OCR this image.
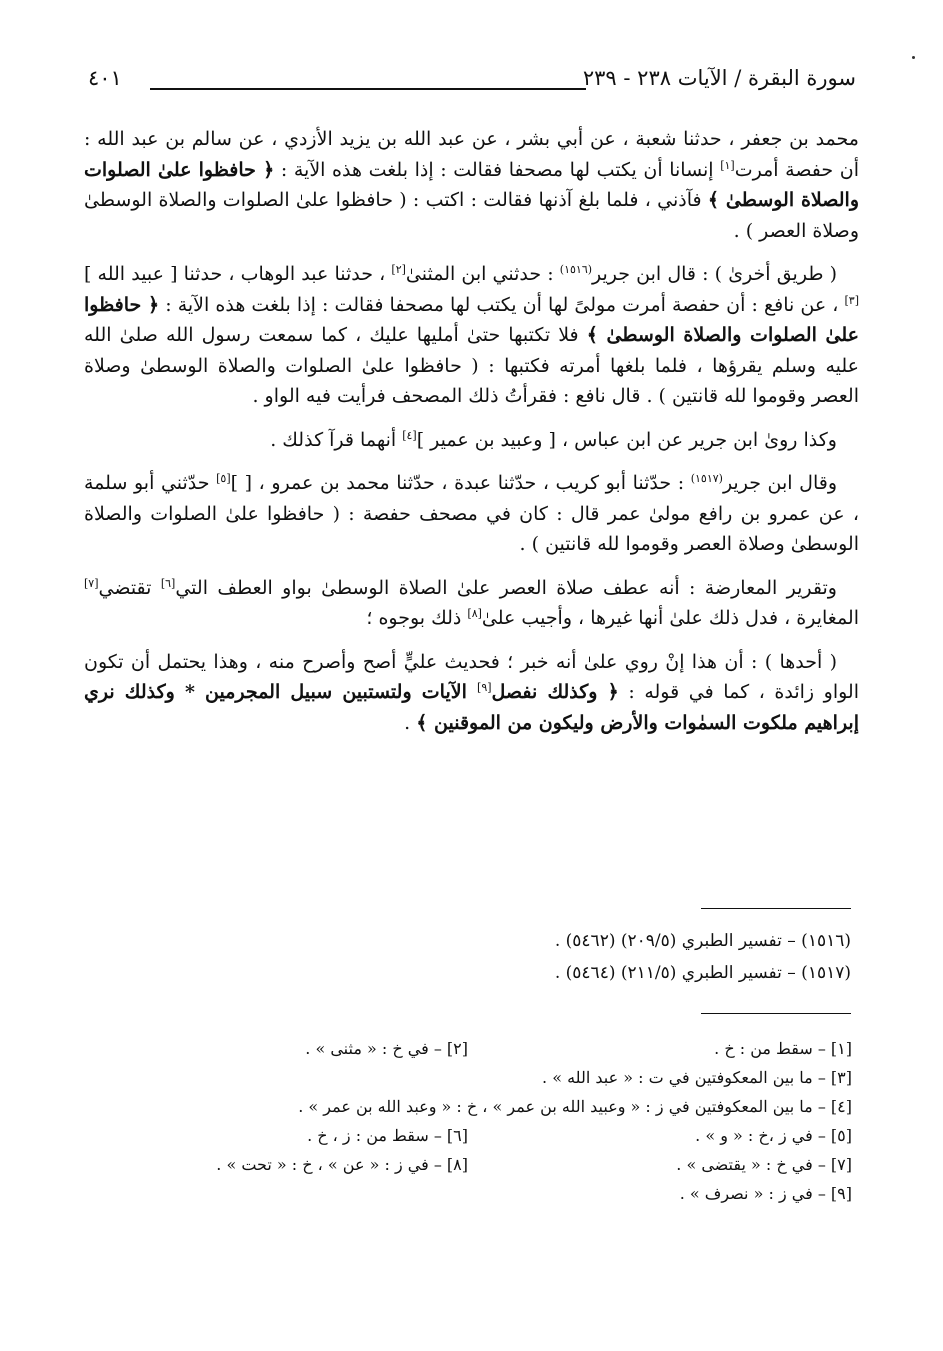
٤٠١	سورة البقرة / الآيات ٢٣٨ - ٢٣٩

محمد بن جعفر ، حدثنا شعبة ، عن أبي بشر ، عن عبد الله بن يزيد الأزدي ، عن سالم بن عبد الله : أن حفصة أمرت[١] إنسانا أن يكتب لها مصحفا فقالت : إذا بلغت هذه الآية : ﴿ حافظوا علىٰ الصلوات والصلاة الوسطىٰ ﴾ فآذني ، فلما بلغ آذنها فقالت : اكتب : ( حافظوا علىٰ الصلوات والصلاة الوسطىٰ وصلاة العصر ) .

( طريق أخرىٰ ) : قال ابن جرير$^{(١٥١٦)}$ : حدثني ابن المثنىٰ[٢] ، حدثنا عبد الوهاب ، حدثنا [ عبيد الله ][٣] ، عن نافع : أن حفصة أمرت مولىً لها أن يكتب لها مصحفا فقالت : إذا بلغت هذه الآية : ﴿ حافظوا علىٰ الصلوات والصلاة الوسطىٰ ﴾ فلا تكتبها حتىٰ أمليها عليك ، كما سمعت رسول الله صلىٰ الله عليه وسلم يقرؤها ، فلما بلغها أمرته فكتبها : ( حافظوا علىٰ الصلوات والصلاة الوسطىٰ وصلاة العصر وقوموا لله قانتين ) . قال نافع : فقرأتُ ذلك المصحف فرأيت فيه الواو .

وكذا روىٰ ابن جرير عن ابن عباس ، [ وعبيد بن عمير ][٤] أنهما قرآ كذلك .

وقال ابن جرير$^{(١٥١٧)}$ : حدّثنا أبو كريب ، حدّثنا عبدة ، حدّثنا محمد بن عمرو ، [ ][٥] حدّثني أبو سلمة ، عن عمرو بن رافع مولىٰ عمر قال : كان في مصحف حفصة : ( حافظوا علىٰ الصلوات والصلاة الوسطىٰ وصلاة العصر وقوموا لله قانتين ) .

وتقرير المعارضة : أنه عطف صلاة العصر علىٰ الصلاة الوسطىٰ بواو العطف التي[٦] تقتضي[٧] المغايرة ، فدل ذلك علىٰ أنها غيرها ، وأجيب علىٰ[٨] ذلك بوجوه ؛

( أحدها ) : أن هذا إنْ روي علىٰ أنه خبر ؛ فحديث عليٍّ أصح وأصرح منه ، وهذا يحتمل أن تكون الواو زائدة ، كما في قوله : ﴿ وكذلك نفصل[٩] الآيات ولتستبين سبيل المجرمين * وكذلك نري إبراهيم ملكوت السمٰوات والأرض وليكون من الموقنين ﴾ .

(١٥١٦) – تفسير الطبري (٢٠٩/٥) (٥٤٦٢) .
(١٥١٧) – تفسير الطبري (٢١١/٥) (٥٤٦٤) .
[١] – سقط من : خ .
[٢] – في خ : « مثنى » .
[٣] – ما بين المعكوفتين في ت : « عبد الله » .
[٤] – ما بين المعكوفتين في ز : « وعبيد الله بن عمر » ، خ : « وعبد الله بن عمر » .
[٥] – في ز ،خ : « و » .
[٦] – سقط من : ز ، خ .
[٧] – في خ : « يقتضى » .
[٨] – في ز : « عن » ، خ : « تحت » .
[٩] – في ز : « نصرف » .
